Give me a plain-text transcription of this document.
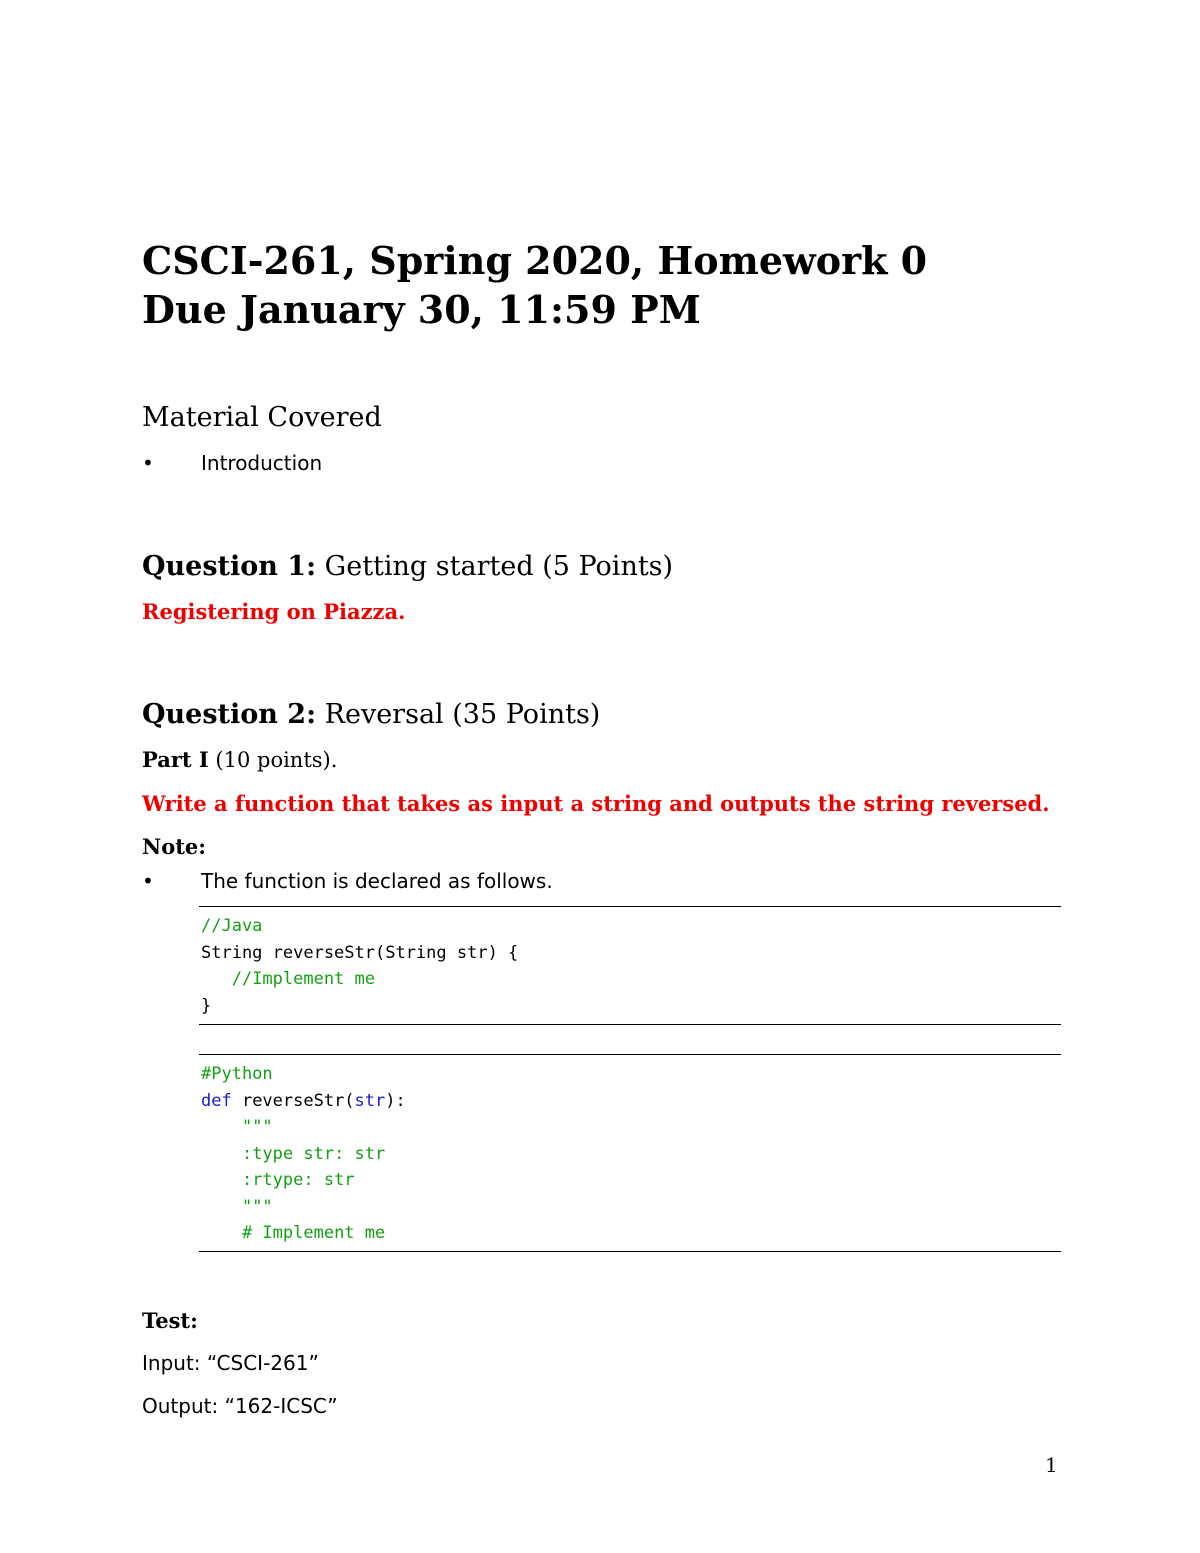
CSCI-261, Spring 2020, Homework 0
Due January 30, 11:59 PM
Material Covered
• Introduction
Question 1: Getting started (5 Points)
Registering on Piazza.
Question 2: Reversal (35 Points)
Part I (10 points).
Write a function that takes as input a string and outputs the string reversed.
Note:
• The function is declared as follows.
//Java
String reverseStr(String str) {
//Implement me
}
#Python
def reverseStr(str):
"""
:type str: str
:rtype: str
"""
# Implement me
Test:
Input: “CSCI-261”
Output: “162-ICSC”
1
